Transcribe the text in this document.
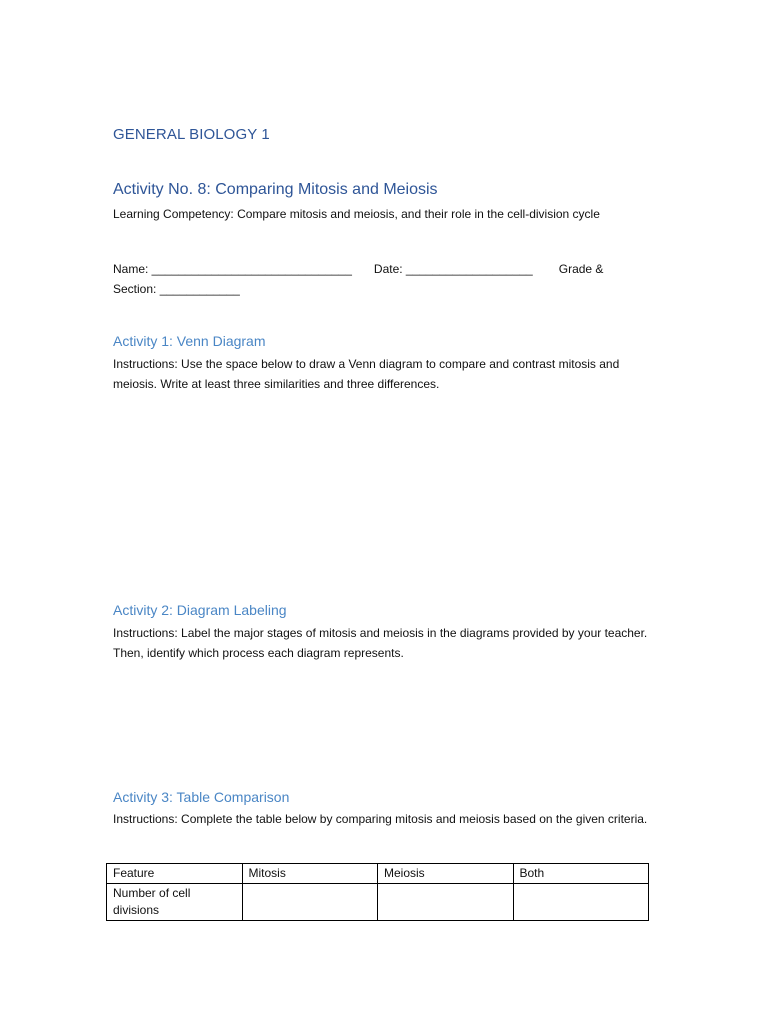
GENERAL BIOLOGY 1
Activity No. 8: Comparing Mitosis and Meiosis
Learning Competency: Compare mitosis and meiosis, and their role in the cell-division cycle
Name: ______________________________ Date: ___________________ Grade &
Section: ____________
Activity 1: Venn Diagram
Instructions: Use the space below to draw a Venn diagram to compare and contrast mitosis and meiosis. Write at least three similarities and three differences.
Activity 2: Diagram Labeling
Instructions: Label the major stages of mitosis and meiosis in the diagrams provided by your teacher. Then, identify which process each diagram represents.
Activity 3: Table Comparison
Instructions: Complete the table below by comparing mitosis and meiosis based on the given criteria.
Feature	Mitosis	Meiosis	Both
Number of cell divisions			
